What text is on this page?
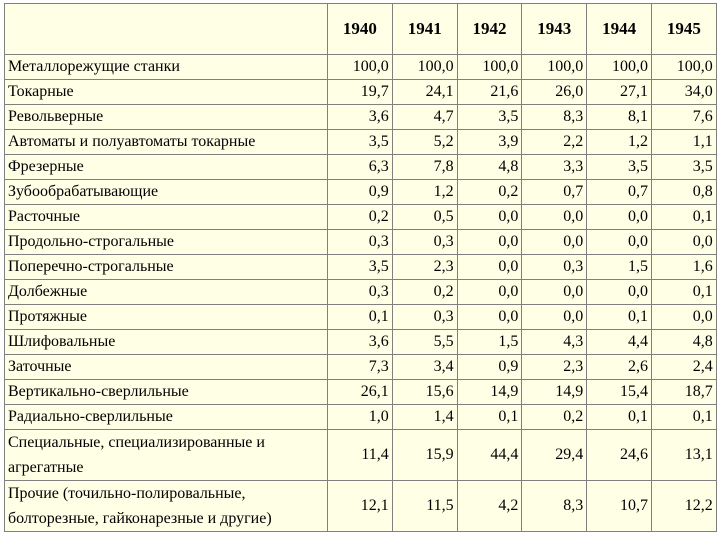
	1940	1941	1942	1943	1944	1945
Металлорежущие станки	100,0	100,0	100,0	100,0	100,0	100,0
Токарные	19,7	24,1	21,6	26,0	27,1	34,0
Револьверные	3,6	4,7	3,5	8,3	8,1	7,6
Автоматы и полуавтоматы токарные	3,5	5,2	3,9	2,2	1,2	1,1
Фрезерные	6,3	7,8	4,8	3,3	3,5	3,5
Зубообрабатывающие	0,9	1,2	0,2	0,7	0,7	0,8
Расточные	0,2	0,5	0,0	0,0	0,0	0,1
Продольно-строгальные	0,3	0,3	0,0	0,0	0,0	0,0
Поперечно-строгальные	3,5	2,3	0,0	0,3	1,5	1,6
Долбежные	0,3	0,2	0,0	0,0	0,0	0,1
Протяжные	0,1	0,3	0,0	0,0	0,1	0,0
Шлифовальные	3,6	5,5	1,5	4,3	4,4	4,8
Заточные	7,3	3,4	0,9	2,3	2,6	2,4
Вертикально-сверлильные	26,1	15,6	14,9	14,9	15,4	18,7
Радиально-сверлильные	1,0	1,4	0,1	0,2	0,1	0,1
Специальные, специализированные и агрегатные	11,4	15,9	44,4	29,4	24,6	13,1
Прочие (точильно-полировальные, болторезные, гайконарезные и другие)	12,1	11,5	4,2	8,3	10,7	12,2
